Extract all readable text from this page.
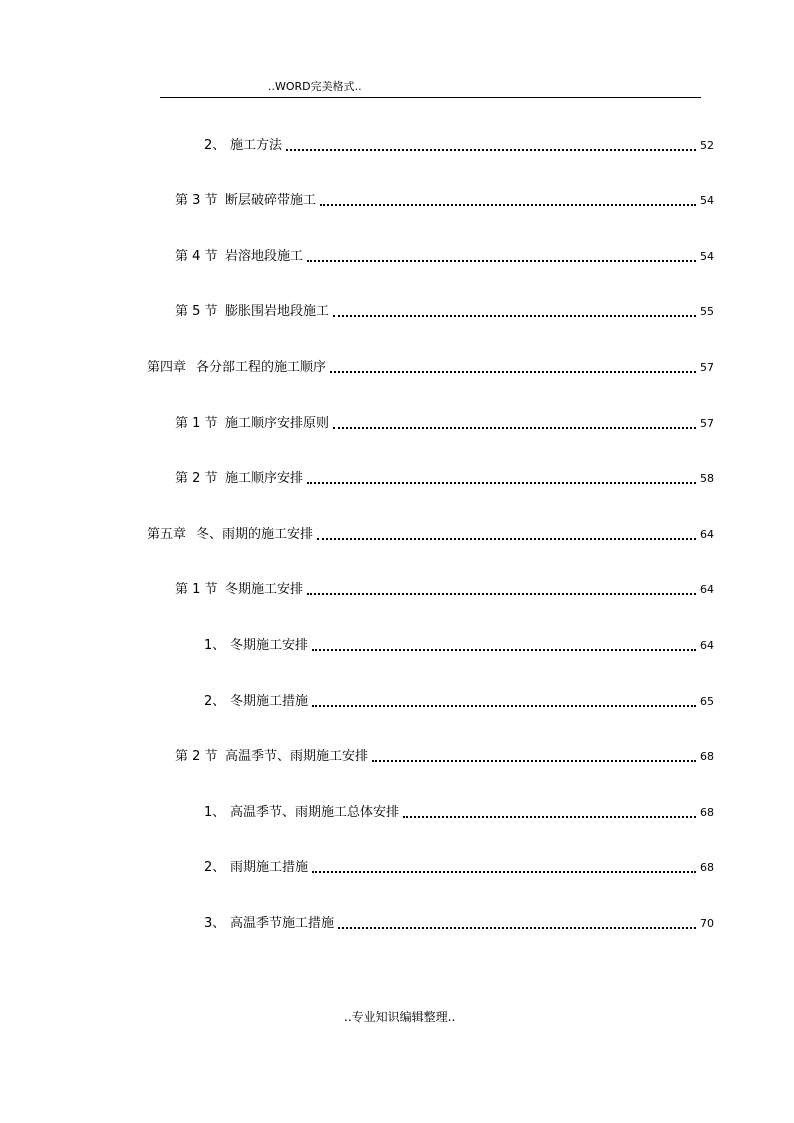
..WORD完美格式..
2、 施工方法	52
第 3 节 断层破碎带施工	54
第 4 节 岩溶地段施工	54
第 5 节 膨胀围岩地段施工	55
第四章 各分部工程的施工顺序	57
第 1 节 施工顺序安排原则	57
第 2 节 施工顺序安排	58
第五章 冬、雨期的施工安排	64
第 1 节 冬期施工安排	64
1、 冬期施工安排	64
2、 冬期施工措施	65
第 2 节 高温季节、雨期施工安排	68
1、 高温季节、雨期施工总体安排	68
2、 雨期施工措施	68
3、 高温季节施工措施	70
..专业知识编辑整理..
